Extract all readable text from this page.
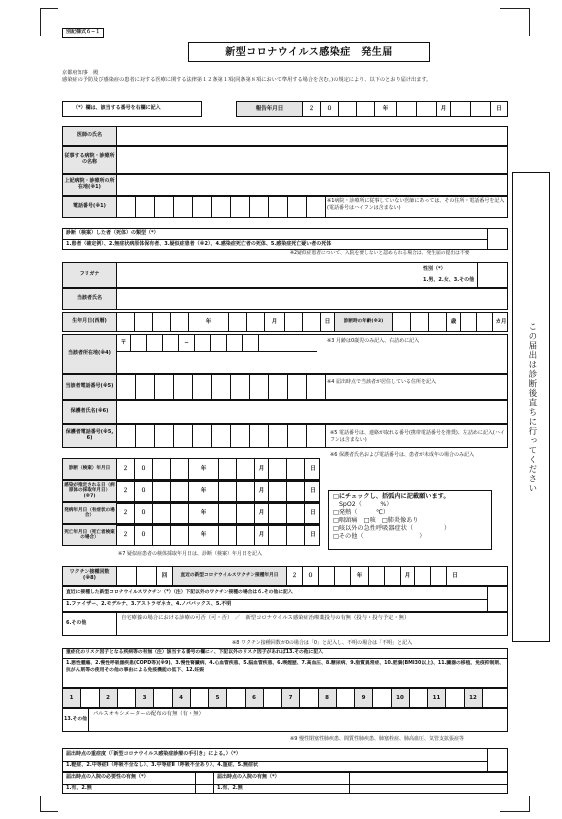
別記様式６−１
新型コロナウイルス感染症　発生届
京都府知事　殿
感染症の予防及び感染症の患者に対する医療に関する法律第１２条第１項(同条第８項において準用する場合を含む。)の規定により、以下のとおり届け出ます。
（*）欄は、該当する番号を右欄に記入	報告年月日	２	０	年	月	日
医師の氏名
従事する病院・診療所の名称
上記病院・診療所の所在地(※1)
電話番号(※1)
※1病院・診療所に従事していない医師にあっては、その住所・電話番号を記入(電話番号はハイフンは含まない)
診断（検案）した者（死体）の類型（*）
1.患者（確定例）、2.無症状病原体保有者、3.疑似症患者（※2）、4.感染症死亡者の死体、5.感染症死亡疑い者の死体
※2疑似症患者について、入院を要しないと認められる場合は、発生届の提出は不要
フリガナ
性別（*）
1.男、2.女、3.その他
当該者氏名
生年月日(西暦)	年	月	日	診断時の年齢(※3)	歳	カ月
当該者所在地(※4)
〒	−	※3 月齢は0歳児のみ記入、右詰めに記入
当該者電話番号(※5)
※4 届出時点で当該者が居住している住所を記入
保護者氏名(※6)
保護者電話番号(※5, 6)
※5 電話番号は、連絡が取れる番号(携帯電話番号を推奨)、左詰めに記入(ハイフンは含まない)
※6 保護者氏名および電話番号は、患者が未成年の場合のみ記入
診断（検案）年月日	２	０	年	月	日
感染が推定される日（病原体の採取年月日）(※7)
２	０	年	月	日
発病年月日（有症状の場合）	２	０	年	月	日
死亡年月日（死亡者検案の場合）	２	０	年	月	日
□にチェックし、括弧内に記載願います。
SpO2（　　　%）
□発熱（　　　℃）
□咽頭痛　□咳　□肺炎像あり
□咳以外の急性呼吸器症状（　　　　　）
□その他（　　　　　　　　　）
※7 疑似症患者の検体採取年月日は、診断（検案）年月日を記入
ワクチン接種回数(※8)	回	直近の新型コロナウイルスワクチン接種年月日	２	０	年	月	日
直近に接種した新型コロナウイルスワクチン（*）（注）下記以外のワクチン接種の場合は６.その他に記入
1.ファイザー、2.モデルナ、3.アストラゼネカ、4.ノババックス、5.不明
6.その他
自宅療養の場合における診療の可否（可・否）　／　新型コロナウイルス感染症治療薬投与の有無（投与・投与予定・無）
※8 ワクチン接種回数が0の場合は「0」と記入し、不明の場合は「不明」と記入
重症化のリスク因子となる疾病等の有無（注）該当する番号の欄に✓、下記以外のリスク因子があれば13.その他に記入
1.悪性腫瘍、2.慢性呼吸器疾患(COPD等)(※9)、3.慢性腎臓病、4.心血管疾患、5.脳血管疾患、6.喫煙歴、7.高血圧、8.糖尿病、9.脂質異常症、10.肥満(BMI30以上)、11.臓器の移植、免疫抑制剤、抗がん剤等の使用その他の事由による免疫機能の低下、12.妊娠
1	2	3	4	5	6	7	8	9	10	11	12
13.その他
パルスオキシメーターの配布の有無（有・無）
※9 慢性閉塞性肺疾患、間質性肺疾患、肺塞栓症、肺高血圧、気管支拡張症等
届出時点の重症度（「新型コロナウイルス感染症診療の手引き」による。）（*）
1.軽症、2.中等症Ⅰ（呼吸不全なし）、3.中等症Ⅱ（呼吸不全あり）、4.重症、5.無症状
届出時点の入院の必要性の有無（*）
1.有、2.無
届出時点の入院の有無（*）
1.有、2.無
この届出は診断後直ちに行ってください
